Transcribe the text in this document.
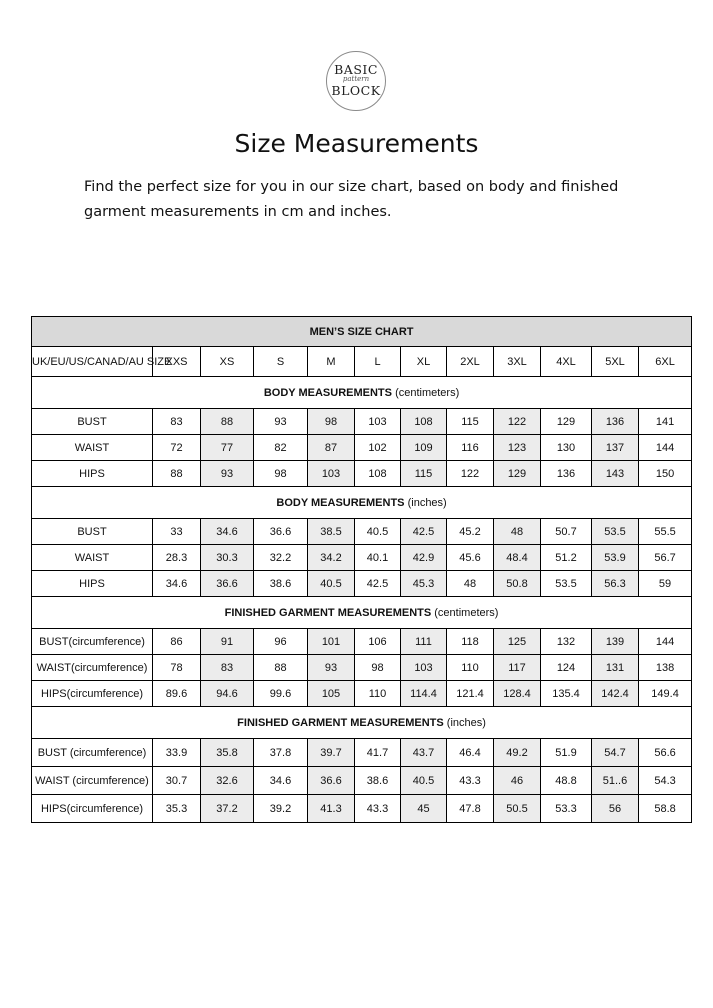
BASIC
pattern
BLOCK
Size Measurements

Find the perfect size for you in our size chart, based on body and finished garment measurements in cm and inches.

MEN’S SIZE CHART											
UK/EU/US/CANAD/AU SIZE	XXS	XS	S	M	L	XL	2XL	3XL	4XL	5XL	6XL
BODY MEASUREMENTS (centimeters)											
BUST	83	88	93	98	103	108	115	122	129	136	141
WAIST	72	77	82	87	102	109	116	123	130	137	144
HIPS	88	93	98	103	108	115	122	129	136	143	150
BODY MEASUREMENTS (inches)											
BUST	33	34.6	36.6	38.5	40.5	42.5	45.2	48	50.7	53.5	55.5
WAIST	28.3	30.3	32.2	34.2	40.1	42.9	45.6	48.4	51.2	53.9	56.7
HIPS	34.6	36.6	38.6	40.5	42.5	45.3	48	50.8	53.5	56.3	59
FINISHED GARMENT MEASUREMENTS (centimeters)											
BUST(circumference)	86	91	96	101	106	111	118	125	132	139	144
WAIST(circumference)	78	83	88	93	98	103	110	117	124	131	138
HIPS(circumference)	89.6	94.6	99.6	105	110	114.4	121.4	128.4	135.4	142.4	149.4
FINISHED GARMENT MEASUREMENTS (inches)											
BUST (circumference)	33.9	35.8	37.8	39.7	41.7	43.7	46.4	49.2	51.9	54.7	56.6
WAIST (circumference)	30.7	32.6	34.6	36.6	38.6	40.5	43.3	46	48.8	51..6	54.3
HIPS(circumference)	35.3	37.2	39.2	41.3	43.3	45	47.8	50.5	53.3	56	58.8
